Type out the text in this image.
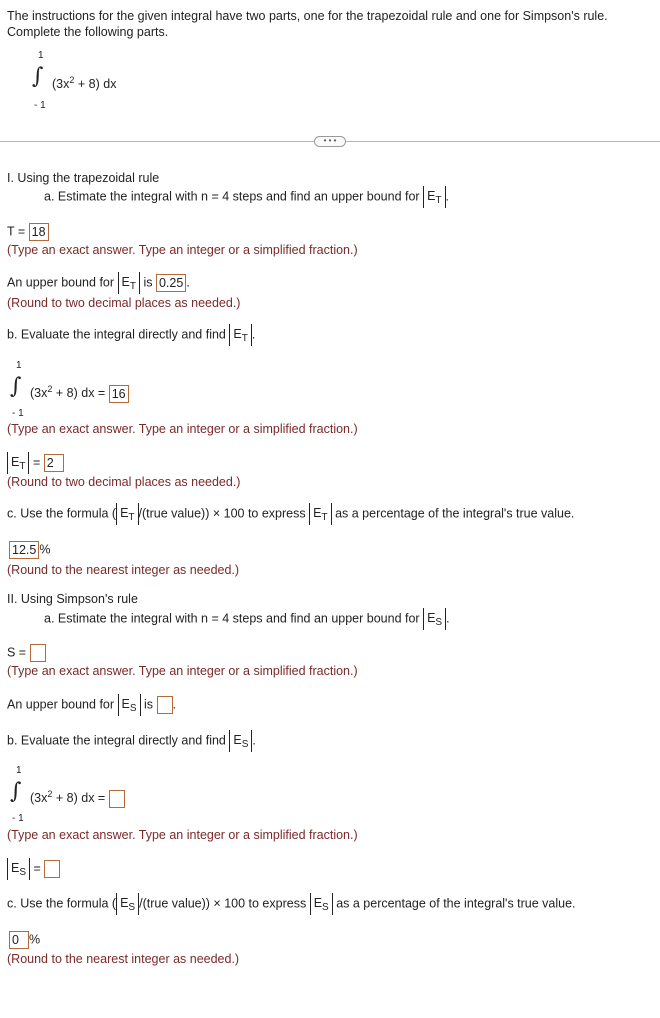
The instructions for the given integral have two parts, one for the trapezoidal rule and one for Simpson's rule.
Complete the following parts.
1
∫ $(3x^2 + 8)$ dx
- 1
• • •
I. Using the trapezoidal rule
a. Estimate the integral with n = 4 steps and find an upper bound for $E_T$ .
T = 18
(Type an exact answer. Type an integer or a simplified fraction.)
An upper bound for $E_T$ is 0.25 .
(Round to two decimal places as needed.)
b. Evaluate the integral directly and find $E_T$ .
1
∫ $(3x^2 + 8)$ dx = 16
- 1
(Type an exact answer. Type an integer or a simplified fraction.)
$E_T = 2$
(Round to two decimal places as needed.)
c. Use the formula ( $E_T$ /(true value)) × 100 to express $E_T$ as a percentage of the integral's true value.
12.5 %
(Round to the nearest integer as needed.)
II. Using Simpson's rule
a. Estimate the integral with n = 4 steps and find an upper bound for $E_S$ .
S =
(Type an exact answer. Type an integer or a simplified fraction.)
An upper bound for $E_S$ is .
b. Evaluate the integral directly and find $E_S$ .
1
∫ $(3x^2 + 8)$ dx =
- 1
(Type an exact answer. Type an integer or a simplified fraction.)
$E_S$ =
c. Use the formula ( $E_S$ /(true value)) × 100 to express $E_S$ as a percentage of the integral's true value.
0 %
(Round to the nearest integer as needed.)
